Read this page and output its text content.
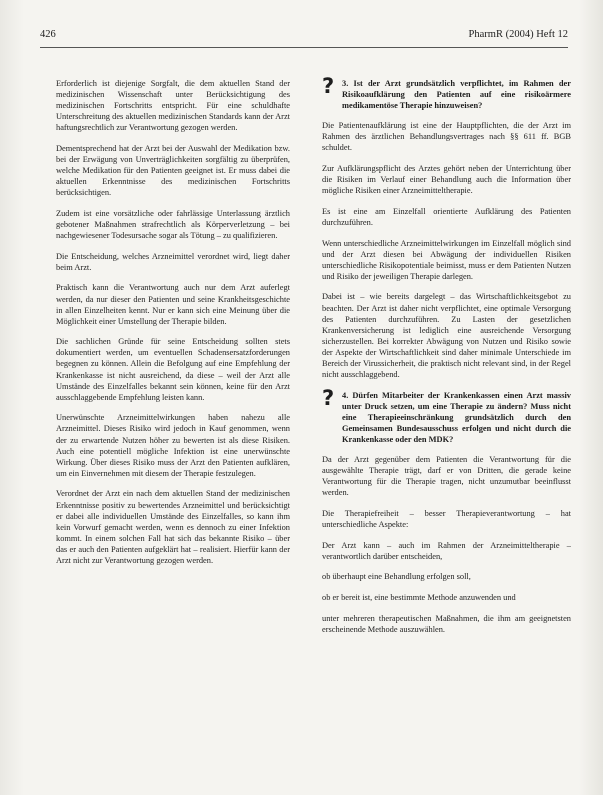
426	PharmR (2004) Heft 12

Erforderlich ist diejenige Sorgfalt, die dem aktuellen Stand der medizinischen Wissenschaft unter Berücksichtigung des medizinischen Fortschritts entspricht. Für eine schuldhafte Unterschreitung des aktuellen medizinischen Standards kann der Arzt haftungsrechtlich zur Verantwortung gezogen werden.

Dementsprechend hat der Arzt bei der Auswahl der Medikation bzw. bei der Erwägung von Unverträglichkeiten sorgfältig zu überprüfen, welche Medikation für den Patienten geeignet ist. Er muss dabei die aktuellen Erkenntnisse des medizinischen Fortschritts berücksichtigen.

Zudem ist eine vorsätzliche oder fahrlässige Unterlassung ärztlich gebotener Maßnahmen strafrechtlich als Körperverletzung – bei nachgewiesener Todesursache sogar als Tötung – zu qualifizieren.

Die Entscheidung, welches Arzneimittel verordnet wird, liegt daher beim Arzt.

Praktisch kann die Verantwortung auch nur dem Arzt auferlegt werden, da nur dieser den Patienten und seine Krankheitsgeschichte in allen Einzelheiten kennt. Nur er kann sich eine Meinung über die Möglichkeit einer Umstellung der Therapie bilden.

Die sachlichen Gründe für seine Entscheidung sollten stets dokumentiert werden, um eventuellen Schadensersatzforderungen begegnen zu können. Allein die Befolgung auf eine Empfehlung der Krankenkasse ist nicht ausreichend, da diese – weil der Arzt alle Umstände des Einzelfalles bekannt sein können, keine für den Arzt ausschlaggebende Empfehlung leisten kann.

Unerwünschte Arzneimittelwirkungen haben nahezu alle Arzneimittel. Dieses Risiko wird jedoch in Kauf genommen, wenn der zu erwartende Nutzen höher zu bewerten ist als diese Risiken. Auch eine potentiell mögliche Infektion ist eine unerwünschte Wirkung. Über dieses Risiko muss der Arzt den Patienten aufklären, um ein Einvernehmen mit diesem der Therapie festzulegen.

Verordnet der Arzt ein nach dem aktuellen Stand der medizinischen Erkenntnisse positiv zu bewertendes Arzneimittel und berücksichtigt er dabei alle individuellen Umstände des Einzelfalles, so kann ihm kein Vorwurf gemacht werden, wenn es dennoch zu einer Infektion kommt. In einem solchen Fall hat sich das bekannte Risiko – über das er auch den Patienten aufgeklärt hat – realisiert. Hierfür kann der Arzt nicht zur Verantwortung gezogen werden.

? 3. Ist der Arzt grundsätzlich verpflichtet, im Rahmen der Risikoaufklärung den Patienten auf eine risikoärmere medikamentöse Therapie hinzuweisen?

Die Patientenaufklärung ist eine der Hauptpflichten, die der Arzt im Rahmen des ärztlichen Behandlungsvertrages nach §§ 611 ff. BGB schuldet.

Zur Aufklärungspflicht des Arztes gehört neben der Unterrichtung über die Risiken im Verlauf einer Behandlung auch die Information über mögliche Risiken einer Arzneimitteltherapie.

Es ist eine am Einzelfall orientierte Aufklärung des Patienten durchzuführen.

Wenn unterschiedliche Arzneimittelwirkungen im Einzelfall möglich sind und der Arzt diesen bei Abwägung der individuellen Risiken unterschiedliche Risikopotentiale beimisst, muss er dem Patienten Nutzen und Risiko der jeweiligen Therapie darlegen.

Dabei ist – wie bereits dargelegt – das Wirtschaftlichkeitsgebot zu beachten. Der Arzt ist daher nicht verpflichtet, eine optimale Versorgung des Patienten durchzuführen. Zu Lasten der gesetzlichen Krankenversicherung ist lediglich eine ausreichende Versorgung sicherzustellen. Bei korrekter Abwägung von Nutzen und Risiko sowie der Aspekte der Wirtschaftlichkeit sind daher minimale Unterschiede im Bereich der Virussicherheit, die praktisch nicht relevant sind, in der Regel nicht ausschlaggebend.

? 4. Dürfen Mitarbeiter der Krankenkassen einen Arzt massiv unter Druck setzen, um eine Therapie zu ändern? Muss nicht eine Therapieeinschränkung grundsätzlich durch den Gemeinsamen Bundesausschuss erfolgen und nicht durch die Krankenkasse oder den MDK?

Da der Arzt gegenüber dem Patienten die Verantwortung für die ausgewählte Therapie trägt, darf er von Dritten, die gerade keine Verantwortung für die Therapie tragen, nicht unzumutbar beeinflusst werden.

Die Therapiefreiheit – besser Therapieverantwortung – hat unterschiedliche Aspekte:

Der Arzt kann – auch im Rahmen der Arzneimitteltherapie – verantwortlich darüber entscheiden,

ob überhaupt eine Behandlung erfolgen soll,

ob er bereit ist, eine bestimmte Methode anzuwenden und

unter mehreren therapeutischen Maßnahmen, die ihm am geeignetsten erscheinende Methode auszuwählen.
